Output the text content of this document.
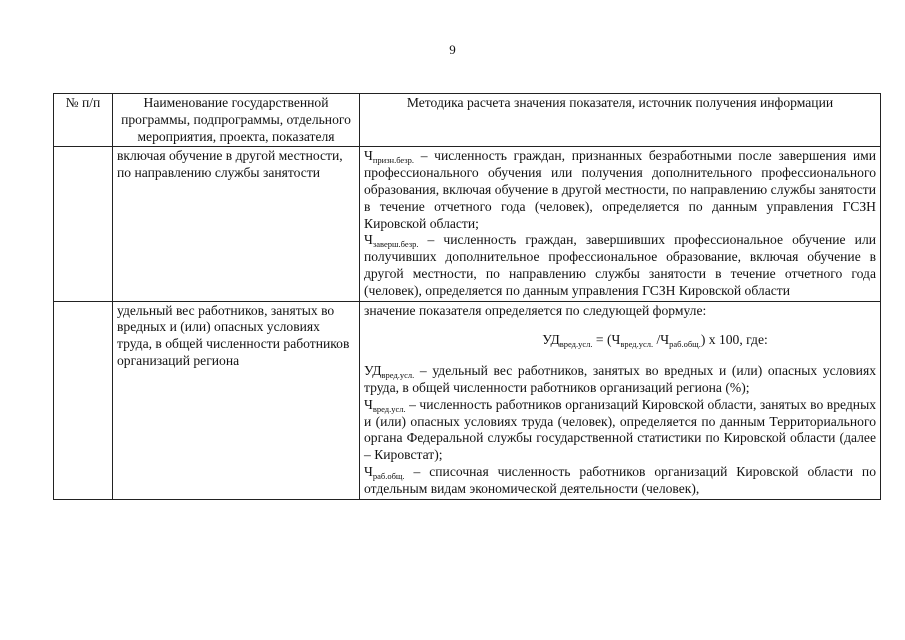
9
№ п/п	Наименование государственной программы, подпрограммы, отдельного мероприятия, проекта, показателя	Методика расчета значения показателя, источник получения информации
	включая обучение в другой местности, по направлению службы занятости	$Ч_{призн.безр.}$ – численность граждан, признанных безработными после завершения ими профессионального обучения или получения дополнительного профессионального образования, включая обучение в другой местности, по направлению службы занятости в течение отчетного года (человек), определяется по данным управления ГСЗН Кировской области;
$Ч_{заверш.безр.}$ – численность граждан, завершивших профессиональное обучение или получивших дополнительное профессиональное образование, включая обучение в другой местности, по направлению службы занятости в течение отчетного года (человек), определяется по данным управления ГСЗН Кировской области

	удельный вес работников, занятых во вредных и (или) опасных условиях труда, в общей численности работников организаций региона	значение показателя определяется по следующей формуле:
$УД_{вред.усл.} = (Ч_{вред.усл.}$ $/Ч_{раб.общ.}$) х 100, где:
$УД_{вред.усл.}$ – удельный вес работников, занятых во вредных и (или) опасных условиях труда, в общей численности работников организаций региона (%);
$Ч_{вред.усл.}$ – численность работников организаций Кировской области, занятых во вредных и (или) опасных условиях труда (человек), определяется по данным Территориального органа Федеральной службы государственной статистики по Кировской области (далее – Кировстат);
$Ч_{раб.общ.}$ – списочная численность работников организаций Кировской области по отдельным видам экономической деятельности (человек),
